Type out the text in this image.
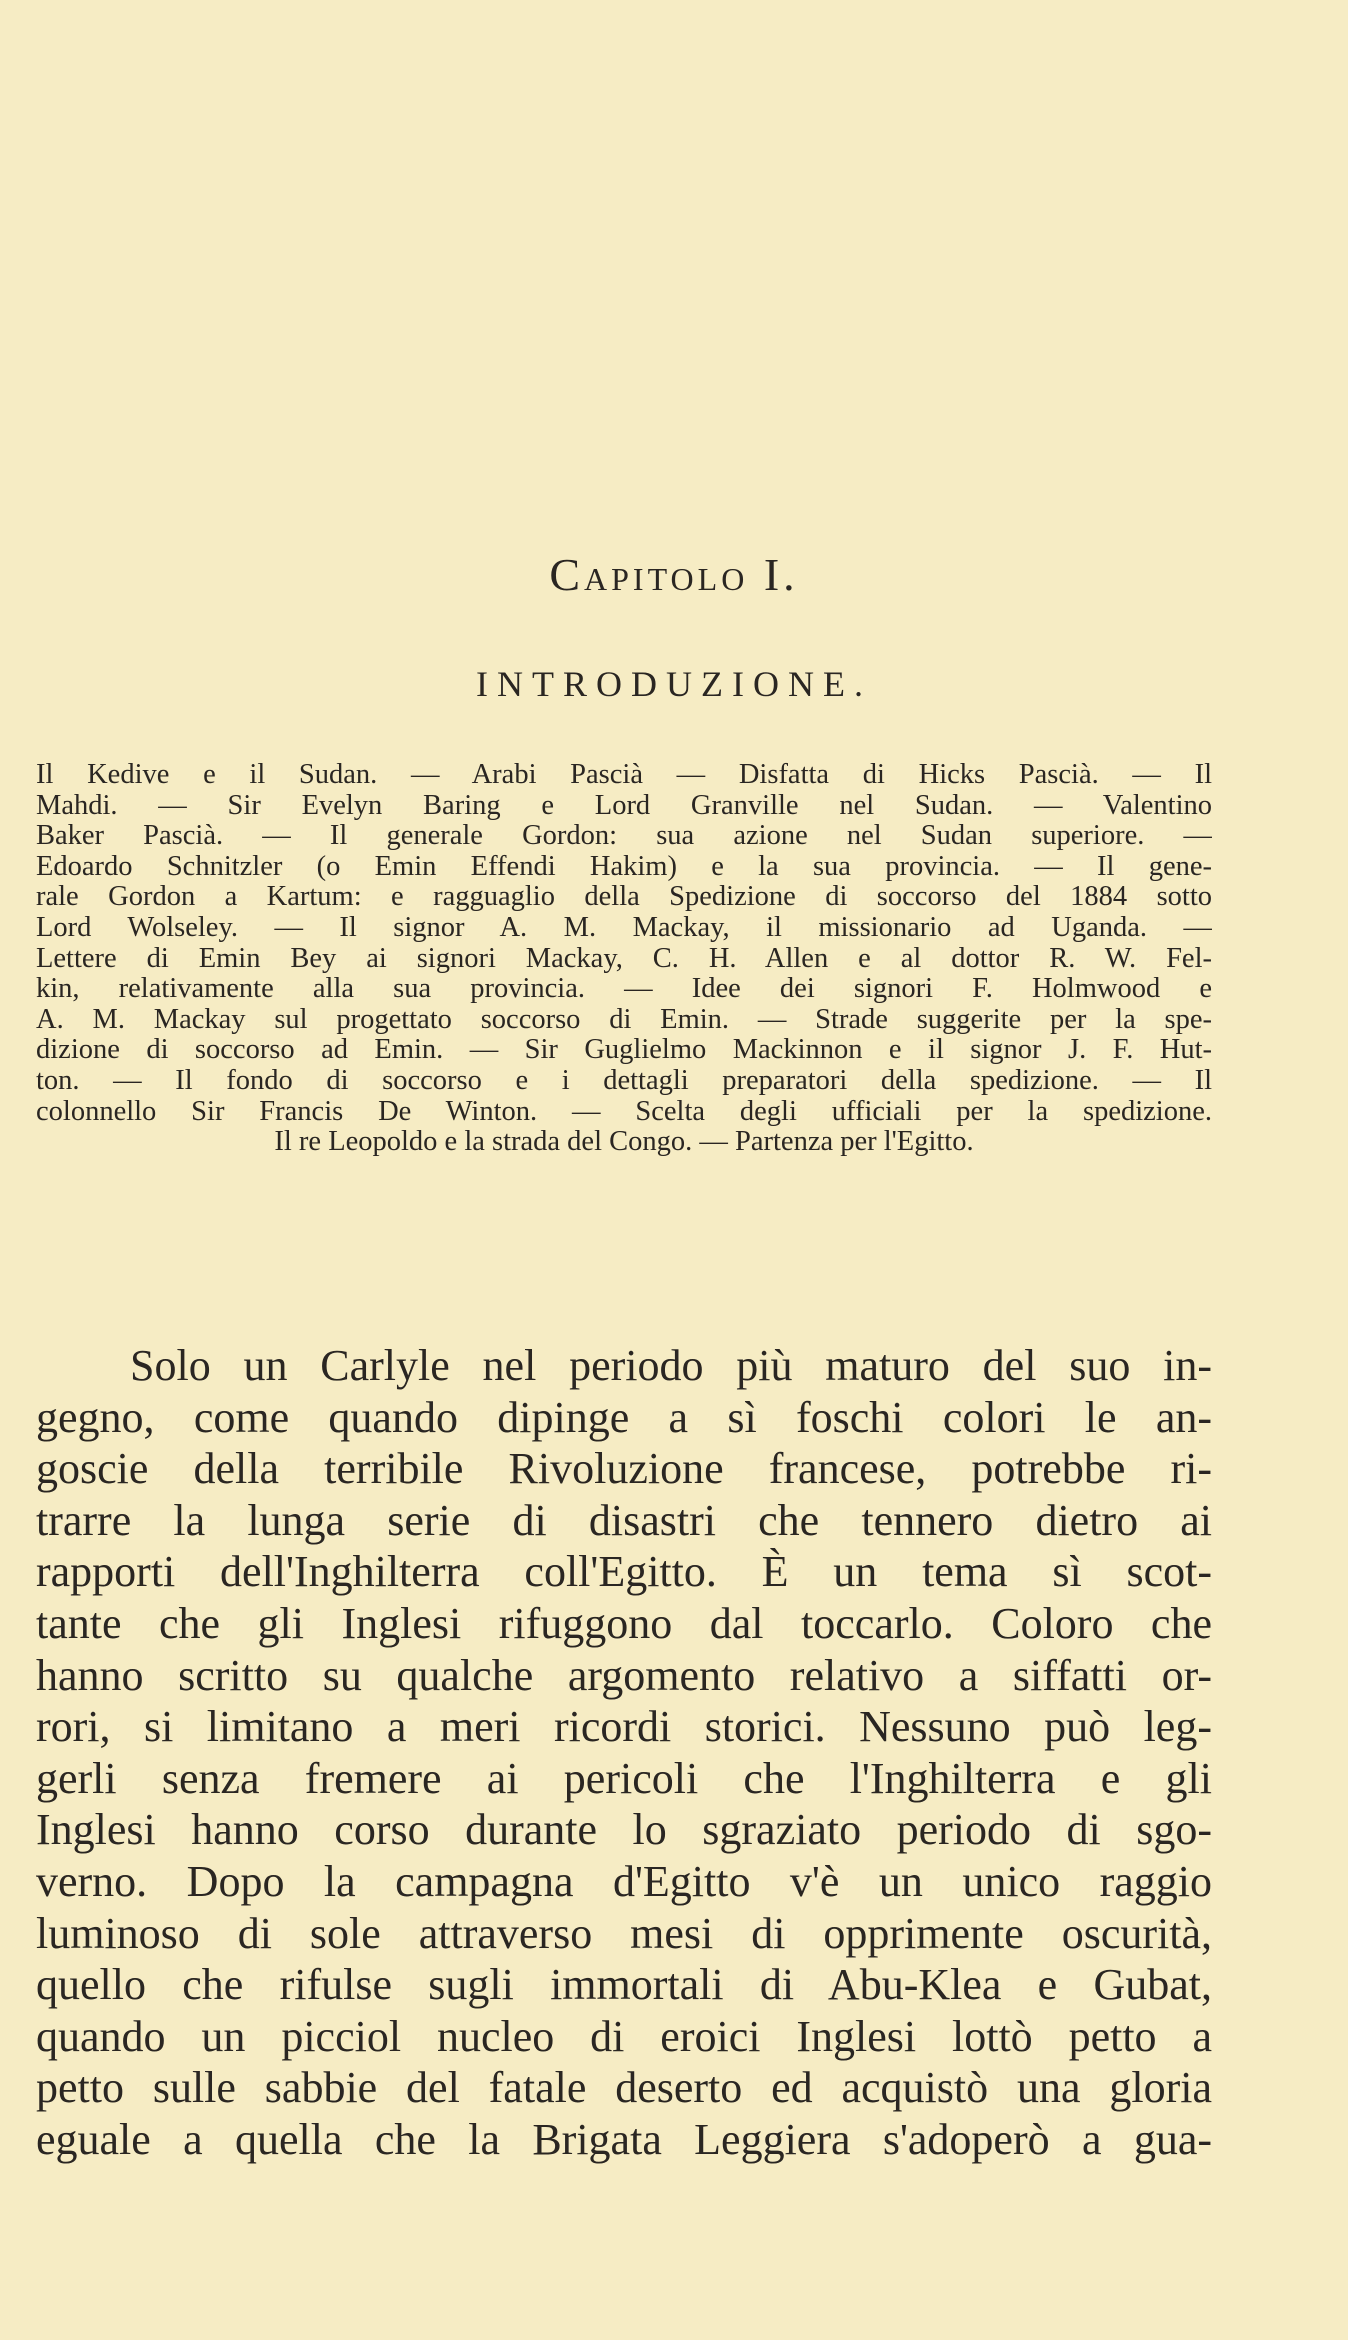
Capitolo I.
INTRODUZIONE.
Il Kedive e il Sudan. — Arabi Pascià — Disfatta di Hicks Pascià. — Il
Mahdi. — Sir Evelyn Baring e Lord Granville nel Sudan. — Valentino
Baker Pascià. — Il generale Gordon: sua azione nel Sudan superiore. —
Edoardo Schnitzler (o Emin Effendi Hakim) e la sua provincia. — Il gene-
rale Gordon a Kartum: e ragguaglio della Spedizione di soccorso del 1884 sotto
Lord Wolseley. — Il signor A. M. Mackay, il missionario ad Uganda. —
Lettere di Emin Bey ai signori Mackay, C. H. Allen e al dottor R. W. Fel-
kin, relativamente alla sua provincia. — Idee dei signori F. Holmwood e
A. M. Mackay sul progettato soccorso di Emin. — Strade suggerite per la spe-
dizione di soccorso ad Emin. — Sir Guglielmo Mackinnon e il signor J. F. Hut-
ton. — Il fondo di soccorso e i dettagli preparatori della spedizione. — Il
colonnello Sir Francis De Winton. — Scelta degli ufficiali per la spedizione.
Il re Leopoldo e la strada del Congo. — Partenza per l'Egitto.
Solo un Carlyle nel periodo più maturo del suo in-
gegno, come quando dipinge a sì foschi colori le an-
goscie della terribile Rivoluzione francese, potrebbe ri-
trarre la lunga serie di disastri che tennero dietro ai
rapporti dell'Inghilterra coll'Egitto. È un tema sì scot-
tante che gli Inglesi rifuggono dal toccarlo. Coloro che
hanno scritto su qualche argomento relativo a siffatti or-
rori, si limitano a meri ricordi storici. Nessuno può leg-
gerli senza fremere ai pericoli che l'Inghilterra e gli
Inglesi hanno corso durante lo sgraziato periodo di sgo-
verno. Dopo la campagna d'Egitto v'è un unico raggio
luminoso di sole attraverso mesi di opprimente oscurità,
quello che rifulse sugli immortali di Abu-Klea e Gubat,
quando un picciol nucleo di eroici Inglesi lottò petto a
petto sulle sabbie del fatale deserto ed acquistò una gloria
eguale a quella che la Brigata Leggiera s'adoperò a gua-
